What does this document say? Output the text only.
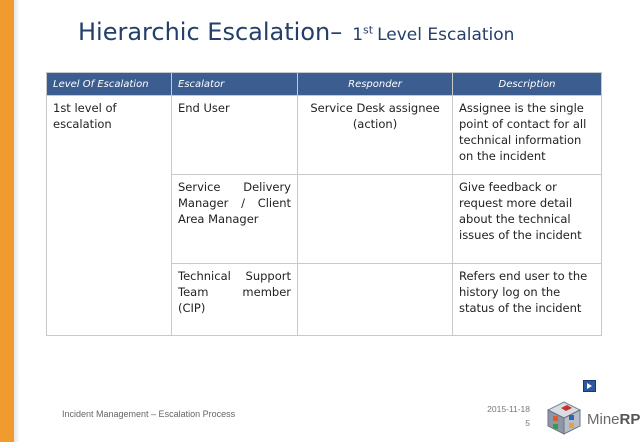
Hierarchic Escalation– 1st Level Escalation
Level Of Escalation	Escalator	Responder	Description
1st level of escalation	End User	Service Desk assignee (action)	Assignee is the single point of contact for all technical information on the incident

	Service Delivery
Manager / Client
Area Manager		Give feedback or request more detail about the technical issues of the incident

	Technical Support
Team member
(CIP)		Refers end user to the history log on the status of the incident
Incident Management – Escalation Process	2015-11-18
5	MineRP
